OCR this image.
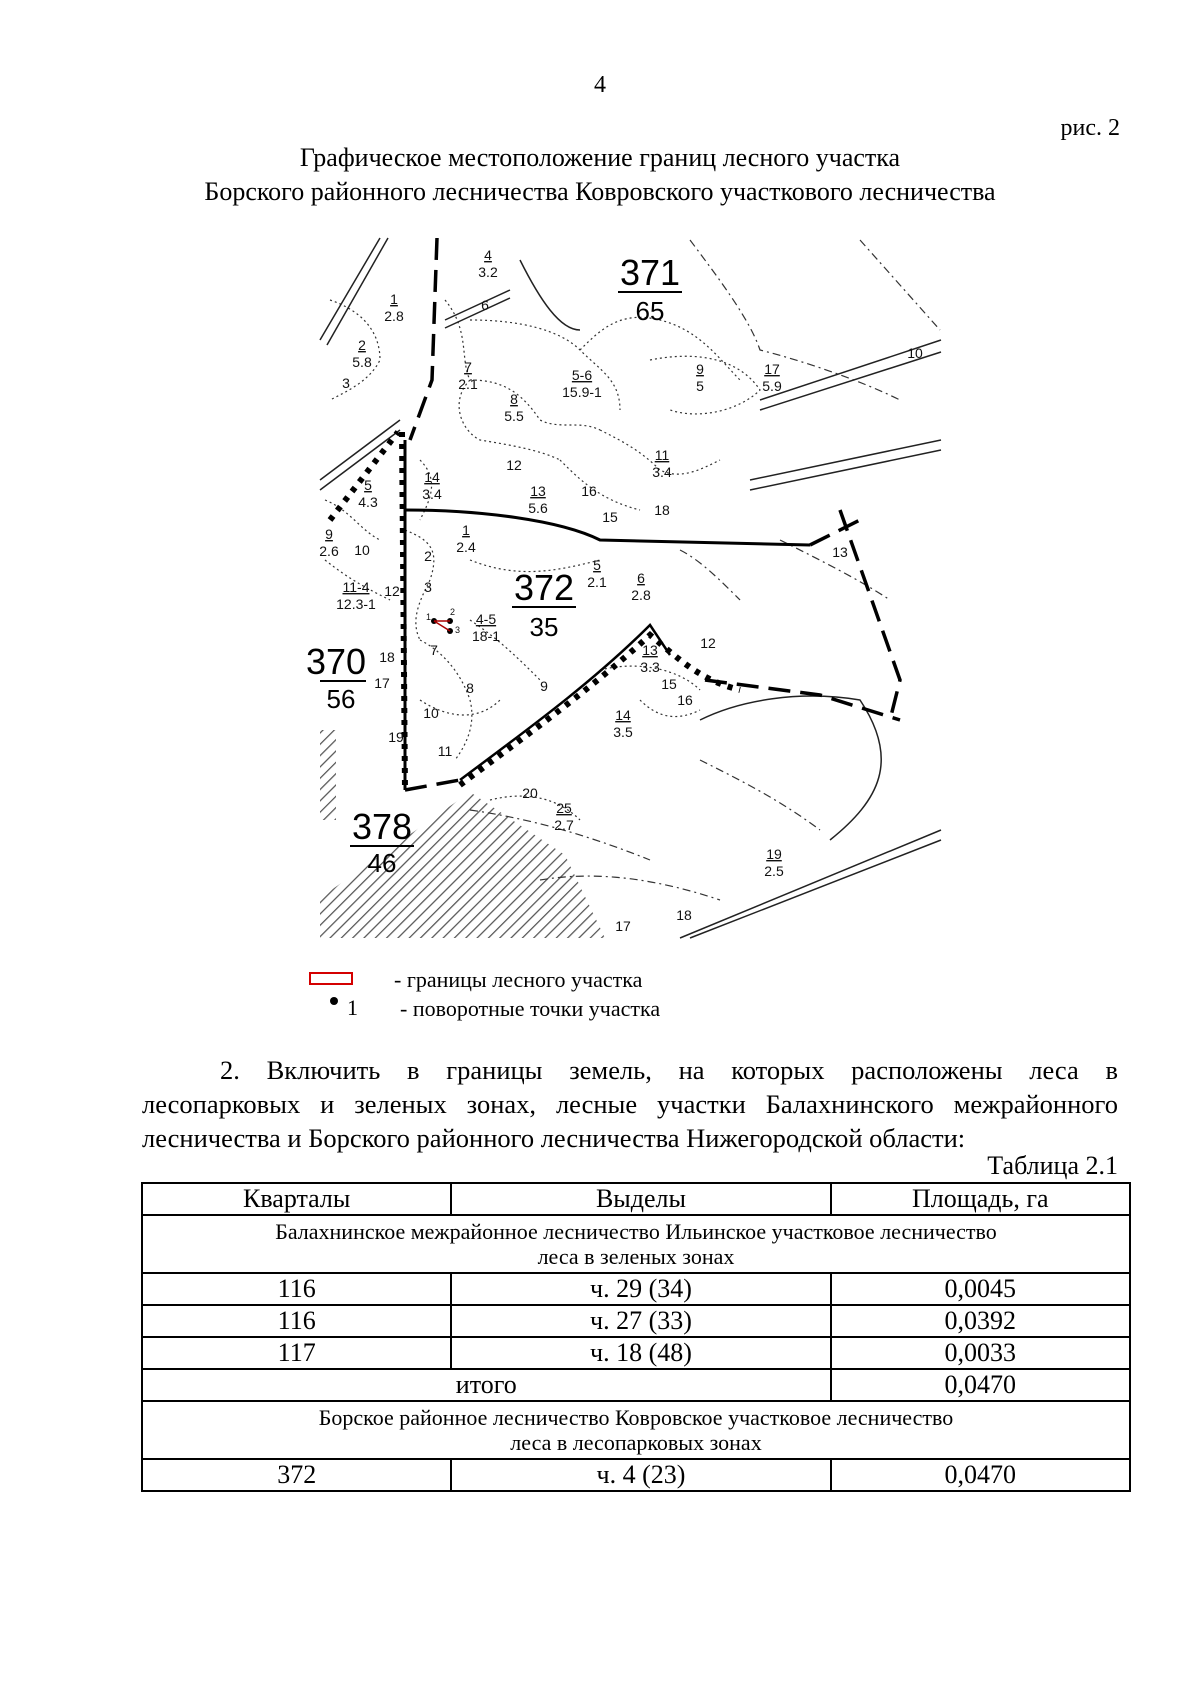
4
рис. 2
Графическое местоположение границ лесного участка
Борского районного лесничества Ковровского участкового лесничества
371
65
372
35
370
56
378
46
4
3.2
1
2.8
6
2
5.8
3
7
2.1
5-6
15.9-1
8
5.5
9
5
17
5.9
10
12
11
3.4
14
3.4	13
5.6
16
15	18
5
4.3
9
2.6 10
1
2.4
2
3
5
2.1 6
2.8
13
11-4
12.3-1
12
4-5
18-1
7
18
17	8	9
13
3.3
12
15
16
14
3.5
10
19
11
20
25
2.7
19
2.5
17
18
1 2
3
- границы лесного участка
1 - поворотные точки участка
2. Включить в границы земель, на которых расположены леса в
лесопарковых и зеленых зонах, лесные участки Балахнинского межрайонного
лесничества и Борского районного лесничества Нижегородской области:
Таблица 2.1
Кварталы	Выделы	Площадь, га

Балахнинское межрайонное лесничество Ильинское участковое лесничество
леса в зеленых зонах		

116	ч. 29 (34)	0,0045
116	ч. 27 (33)	0,0392
117	ч. 18 (48)	0,0033
итого		0,0470

Борское районное лесничество Ковровское участковое лесничество
леса в лесопарковых зонах		

372	ч. 4 (23)	0,0470
